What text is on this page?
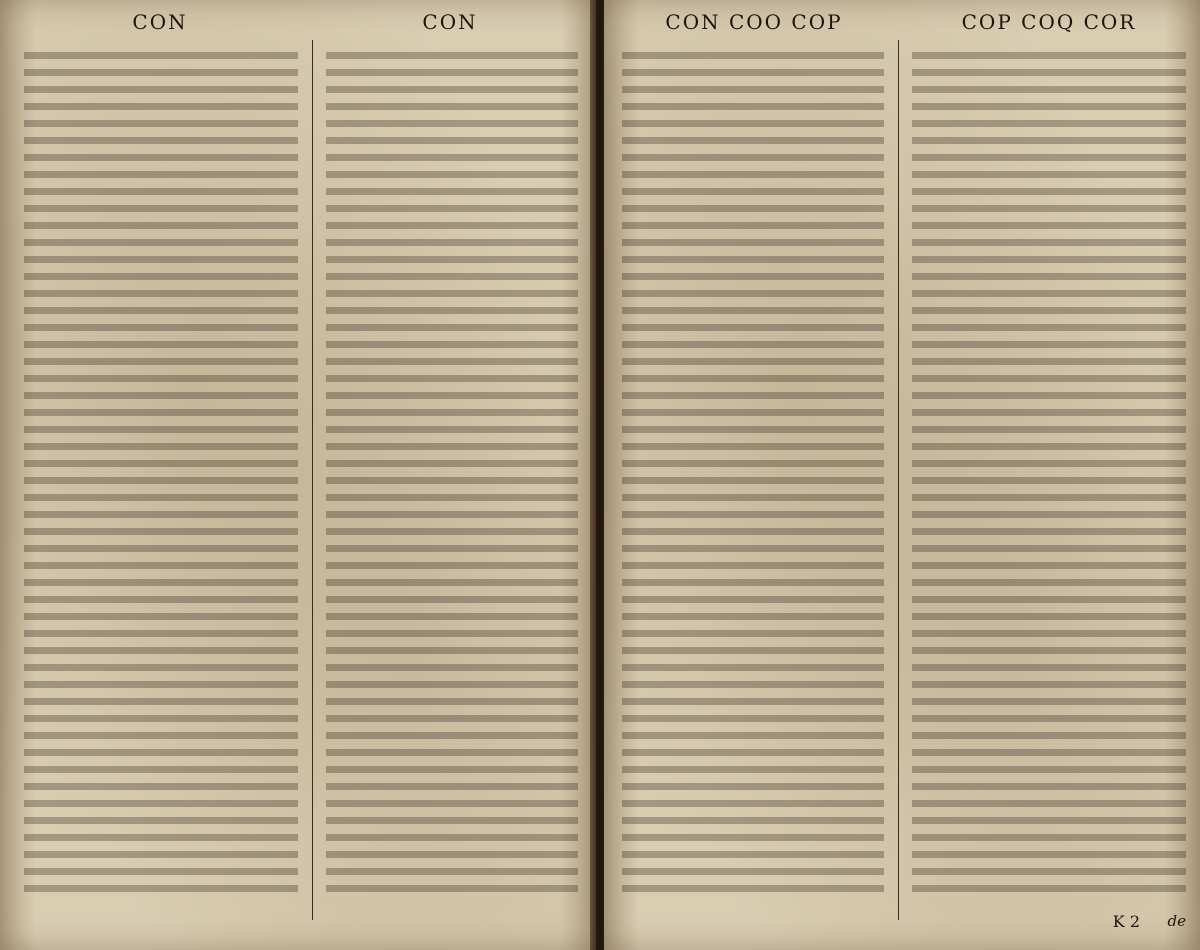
CON	CON	CON COO COP	COP COQ COR
K 2 de
